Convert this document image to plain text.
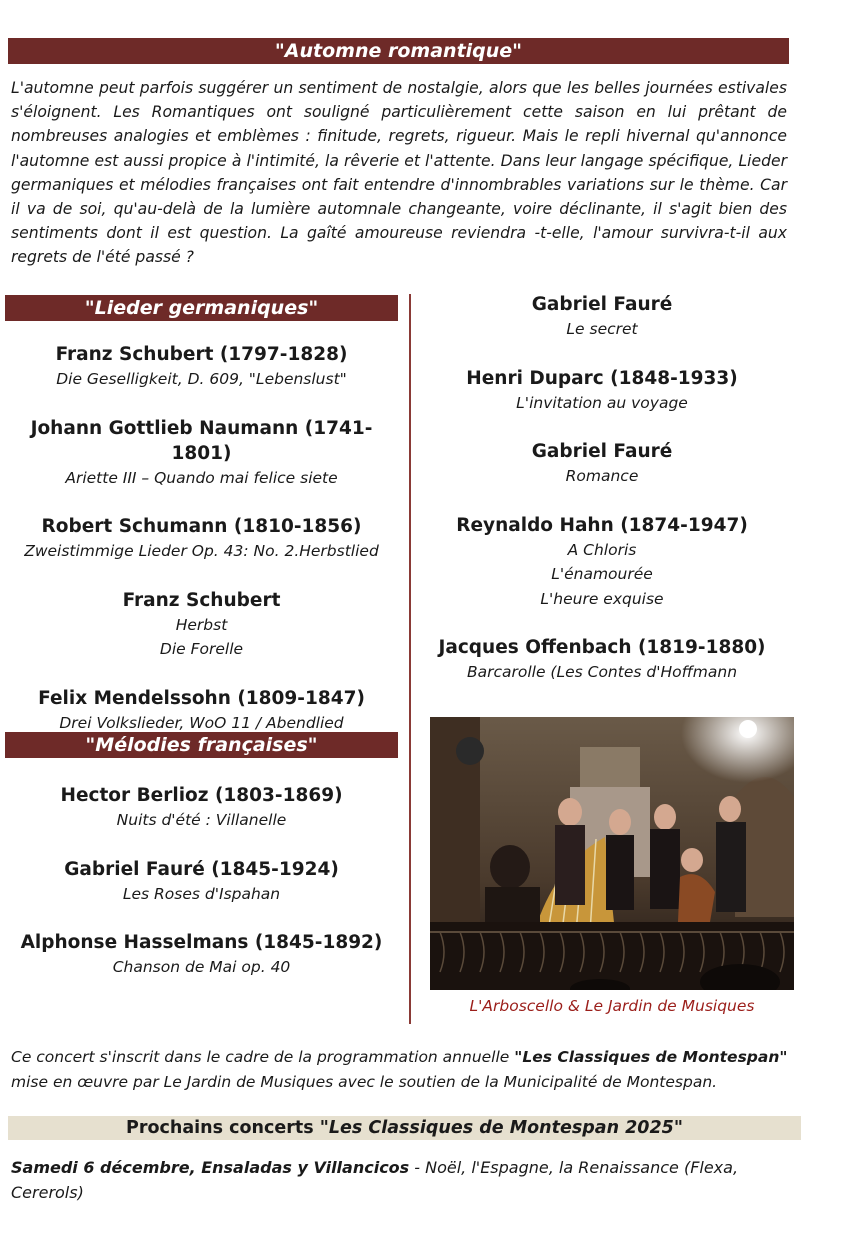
"Automne romantique"
L'automne peut parfois suggérer un sentiment de nostalgie, alors que les belles journées estivales s'éloignent. Les Romantiques ont souligné particulièrement cette saison en lui prêtant de nombreuses analogies et emblèmes : finitude, regrets, rigueur. Mais le repli hivernal qu'annonce l'automne est aussi propice à l'intimité, la rêverie et l'attente. Dans leur langage spécifique, Lieder germaniques et mélodies françaises ont fait entendre d'innombrables variations sur le thème. Car il va de soi, qu'au-delà de la lumière automnale changeante, voire déclinante, il s'agit bien des sentiments dont il est question. La gaîté amoureuse reviendra -t-elle, l'amour survivra-t-il aux regrets de l'été passé ?
"Lieder germaniques"
Franz Schubert (1797-1828)
Die Geselligkeit, D. 609, "Lebenslust"
Johann Gottlieb Naumann (1741-1801)
Ariette III – Quando mai felice siete
Robert Schumann (1810-1856)
Zweistimmige Lieder Op. 43: No. 2.Herbstlied
Franz Schubert
Herbst
Die Forelle
Felix Mendelssohn (1809-1847)
Drei Volkslieder, WoO 11 / Abendlied
"Mélodies françaises"
Hector Berlioz (1803-1869)
Nuits d'été : Villanelle
Gabriel Fauré (1845-1924)
Les Roses d'Ispahan
Alphonse Hasselmans (1845-1892)
Chanson de Mai op. 40
Gabriel Fauré
Le secret
Henri Duparc (1848-1933)
L'invitation au voyage
Gabriel Fauré
Romance
Reynaldo Hahn (1874-1947)
A Chloris
L'énamourée
L'heure exquise
Jacques Offenbach (1819-1880)
Barcarolle (Les Contes d'Hoffmann
L'Arboscello & Le Jardin de Musiques
Ce concert s'inscrit dans le cadre de la programmation annuelle "Les Classiques de Montespan" mise en œuvre par Le Jardin de Musiques avec le soutien de la Municipalité de Montespan.
Prochains concerts "Les Classiques de Montespan 2025"
Samedi 6 décembre, Ensaladas y Villancicos - Noël, l'Espagne, la Renaissance (Flexa, Cererols)
